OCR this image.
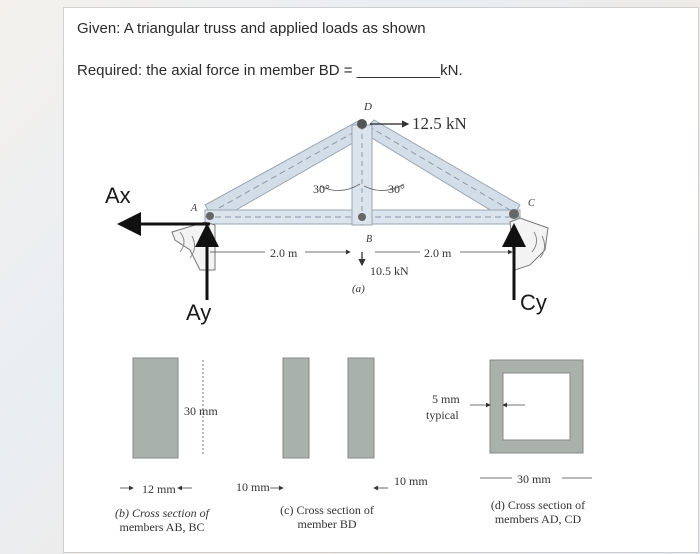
Given: A triangular truss and applied loads as shown
Required: the axial force in member BD = __________kN.
D
12.5 kN
30°	30°
A	C
B
2.0 m	2.0 m
10.5 kN
(a)
Ax
Ay	Cy
30 mm
12 mm
(b) Cross section of
members AB, BC
10 mm
(c) Cross section of
member BD
5 mm
typical
10 mm	30 mm
(d) Cross section of
members AD, CD
